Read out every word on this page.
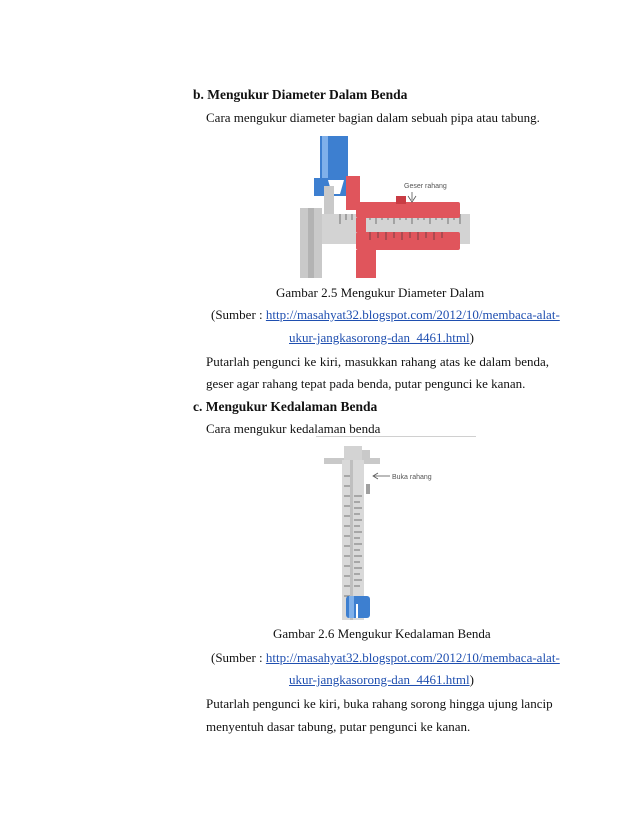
b. Mengukur Diameter Dalam Benda
Cara mengukur diameter bagian dalam sebuah pipa atau tabung.
Geser rahang
Gambar 2.5 Mengukur Diameter Dalam
(Sumber : http://masahyat32.blogspot.com/2012/10/membaca-alat-
ukur-jangkasorong-dan_4461.html)
Putarlah pengunci ke kiri, masukkan rahang atas ke dalam benda,
geser agar rahang tepat pada benda, putar pengunci ke kanan.
c. Mengukur Kedalaman Benda
Cara mengukur kedalaman benda
Buka rahang
Gambar 2.6 Mengukur Kedalaman Benda
(Sumber : http://masahyat32.blogspot.com/2012/10/membaca-alat-
ukur-jangkasorong-dan_4461.html)
Putarlah pengunci ke kiri, buka rahang sorong hingga ujung lancip
menyentuh dasar tabung, putar pengunci ke kanan.
